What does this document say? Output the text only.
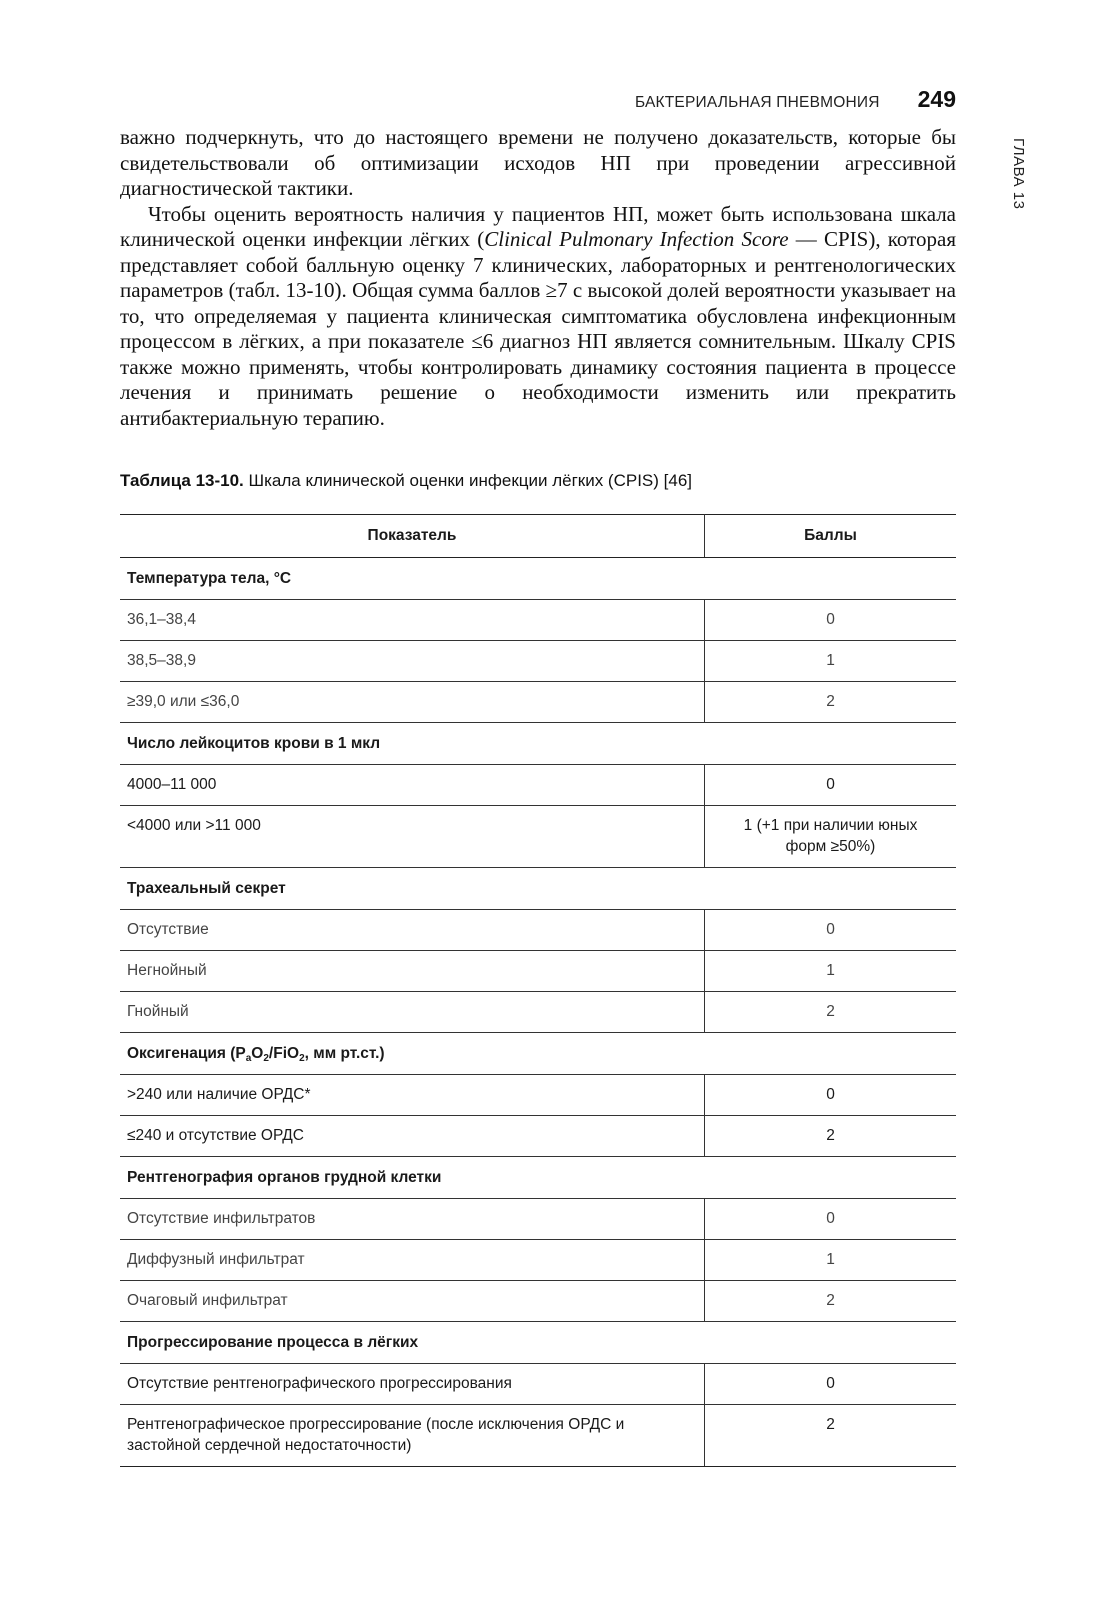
БАКТЕРИАЛЬНАЯ ПНЕВМОНИЯ 249
ГЛАВА 13

важно подчеркнуть, что до настоящего времени не получено доказательств, которые бы свидетельствовали об оптимизации исходов НП при проведении агрессивной диагностической тактики.

Чтобы оценить вероятность наличия у пациентов НП, может быть использована шкала клинической оценки инфекции лёгких (Clinical Pulmonary Infection Score — CPIS), которая представляет собой балльную оценку 7 клинических, лабораторных и рентгенологических параметров (табл. 13-10). Общая сумма баллов ≥7 с высокой долей вероятности указывает на то, что определяемая у пациента клиническая симптоматика обусловлена инфекционным процессом в лёгких, а при показателе ≤6 диагноз НП является сомнительным. Шкалу CPIS также можно применять, чтобы контролировать динамику состояния пациента в процессе лечения и принимать решение о необходимости изменить или прекратить антибактериальную терапию.

Таблица 13-10. Шкала клинической оценки инфекции лёгких (CPIS) [46]
Показатель	Баллы
Температура тела, °С	
36,1–38,4	0
38,5–38,9	1
≥39,0 или ≤36,0	2
Число лейкоцитов крови в 1 мкл	
4000–11 000	0
<4000 или >11 000	1 (+1 при наличии юных форм ≥50%)
Трахеальный секрет	
Отсутствие	0
Негнойный	1
Гнойный	2
Оксигенация ($P_aO_2/FiO_2$, мм рт.ст.)	
>240 или наличие ОРДС*	0
≤240 и отсутствие ОРДС	2
Рентгенография органов грудной клетки	
Отсутствие инфильтратов	0
Диффузный инфильтрат	1
Очаговый инфильтрат	2
Прогрессирование процесса в лёгких	
Отсутствие рентгенографического прогрессирования	0
Рентгенографическое прогрессирование (после исключения ОРДС и застойной сердечной недостаточности)	2
